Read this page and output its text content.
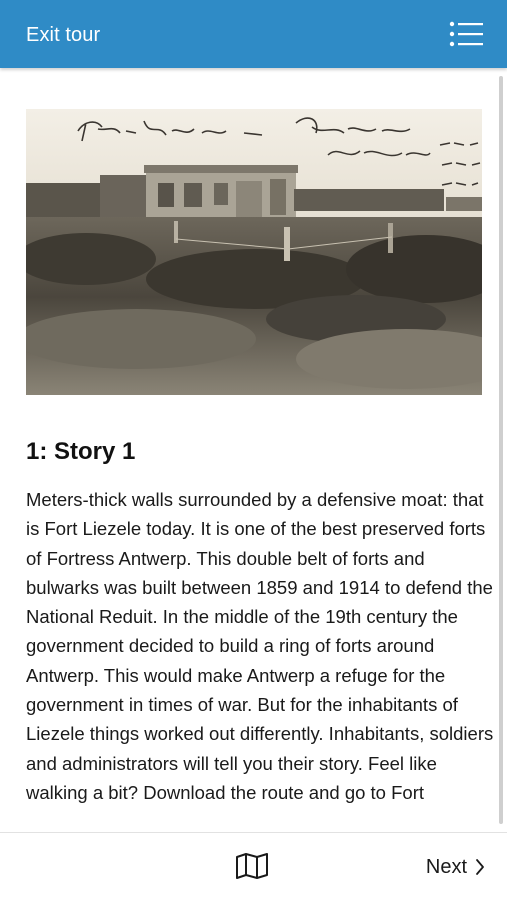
Exit tour
1: Story 1

Meters-thick walls surrounded by a defensive moat: that is Fort Liezele today. It is one of the best preserved forts of Fortress Antwerp. This double belt of forts and bulwarks was built between 1859 and 1914 to defend the National Reduit. In the middle of the 19th century the government decided to build a ring of forts around Antwerp. This would make Antwerp a refuge for the government in times of war. But for the inhabitants of Liezele things worked out differently. Inhabitants, soldiers and administrators will tell you their story. Feel like walking a bit? Download the route and go to Fort

Next
